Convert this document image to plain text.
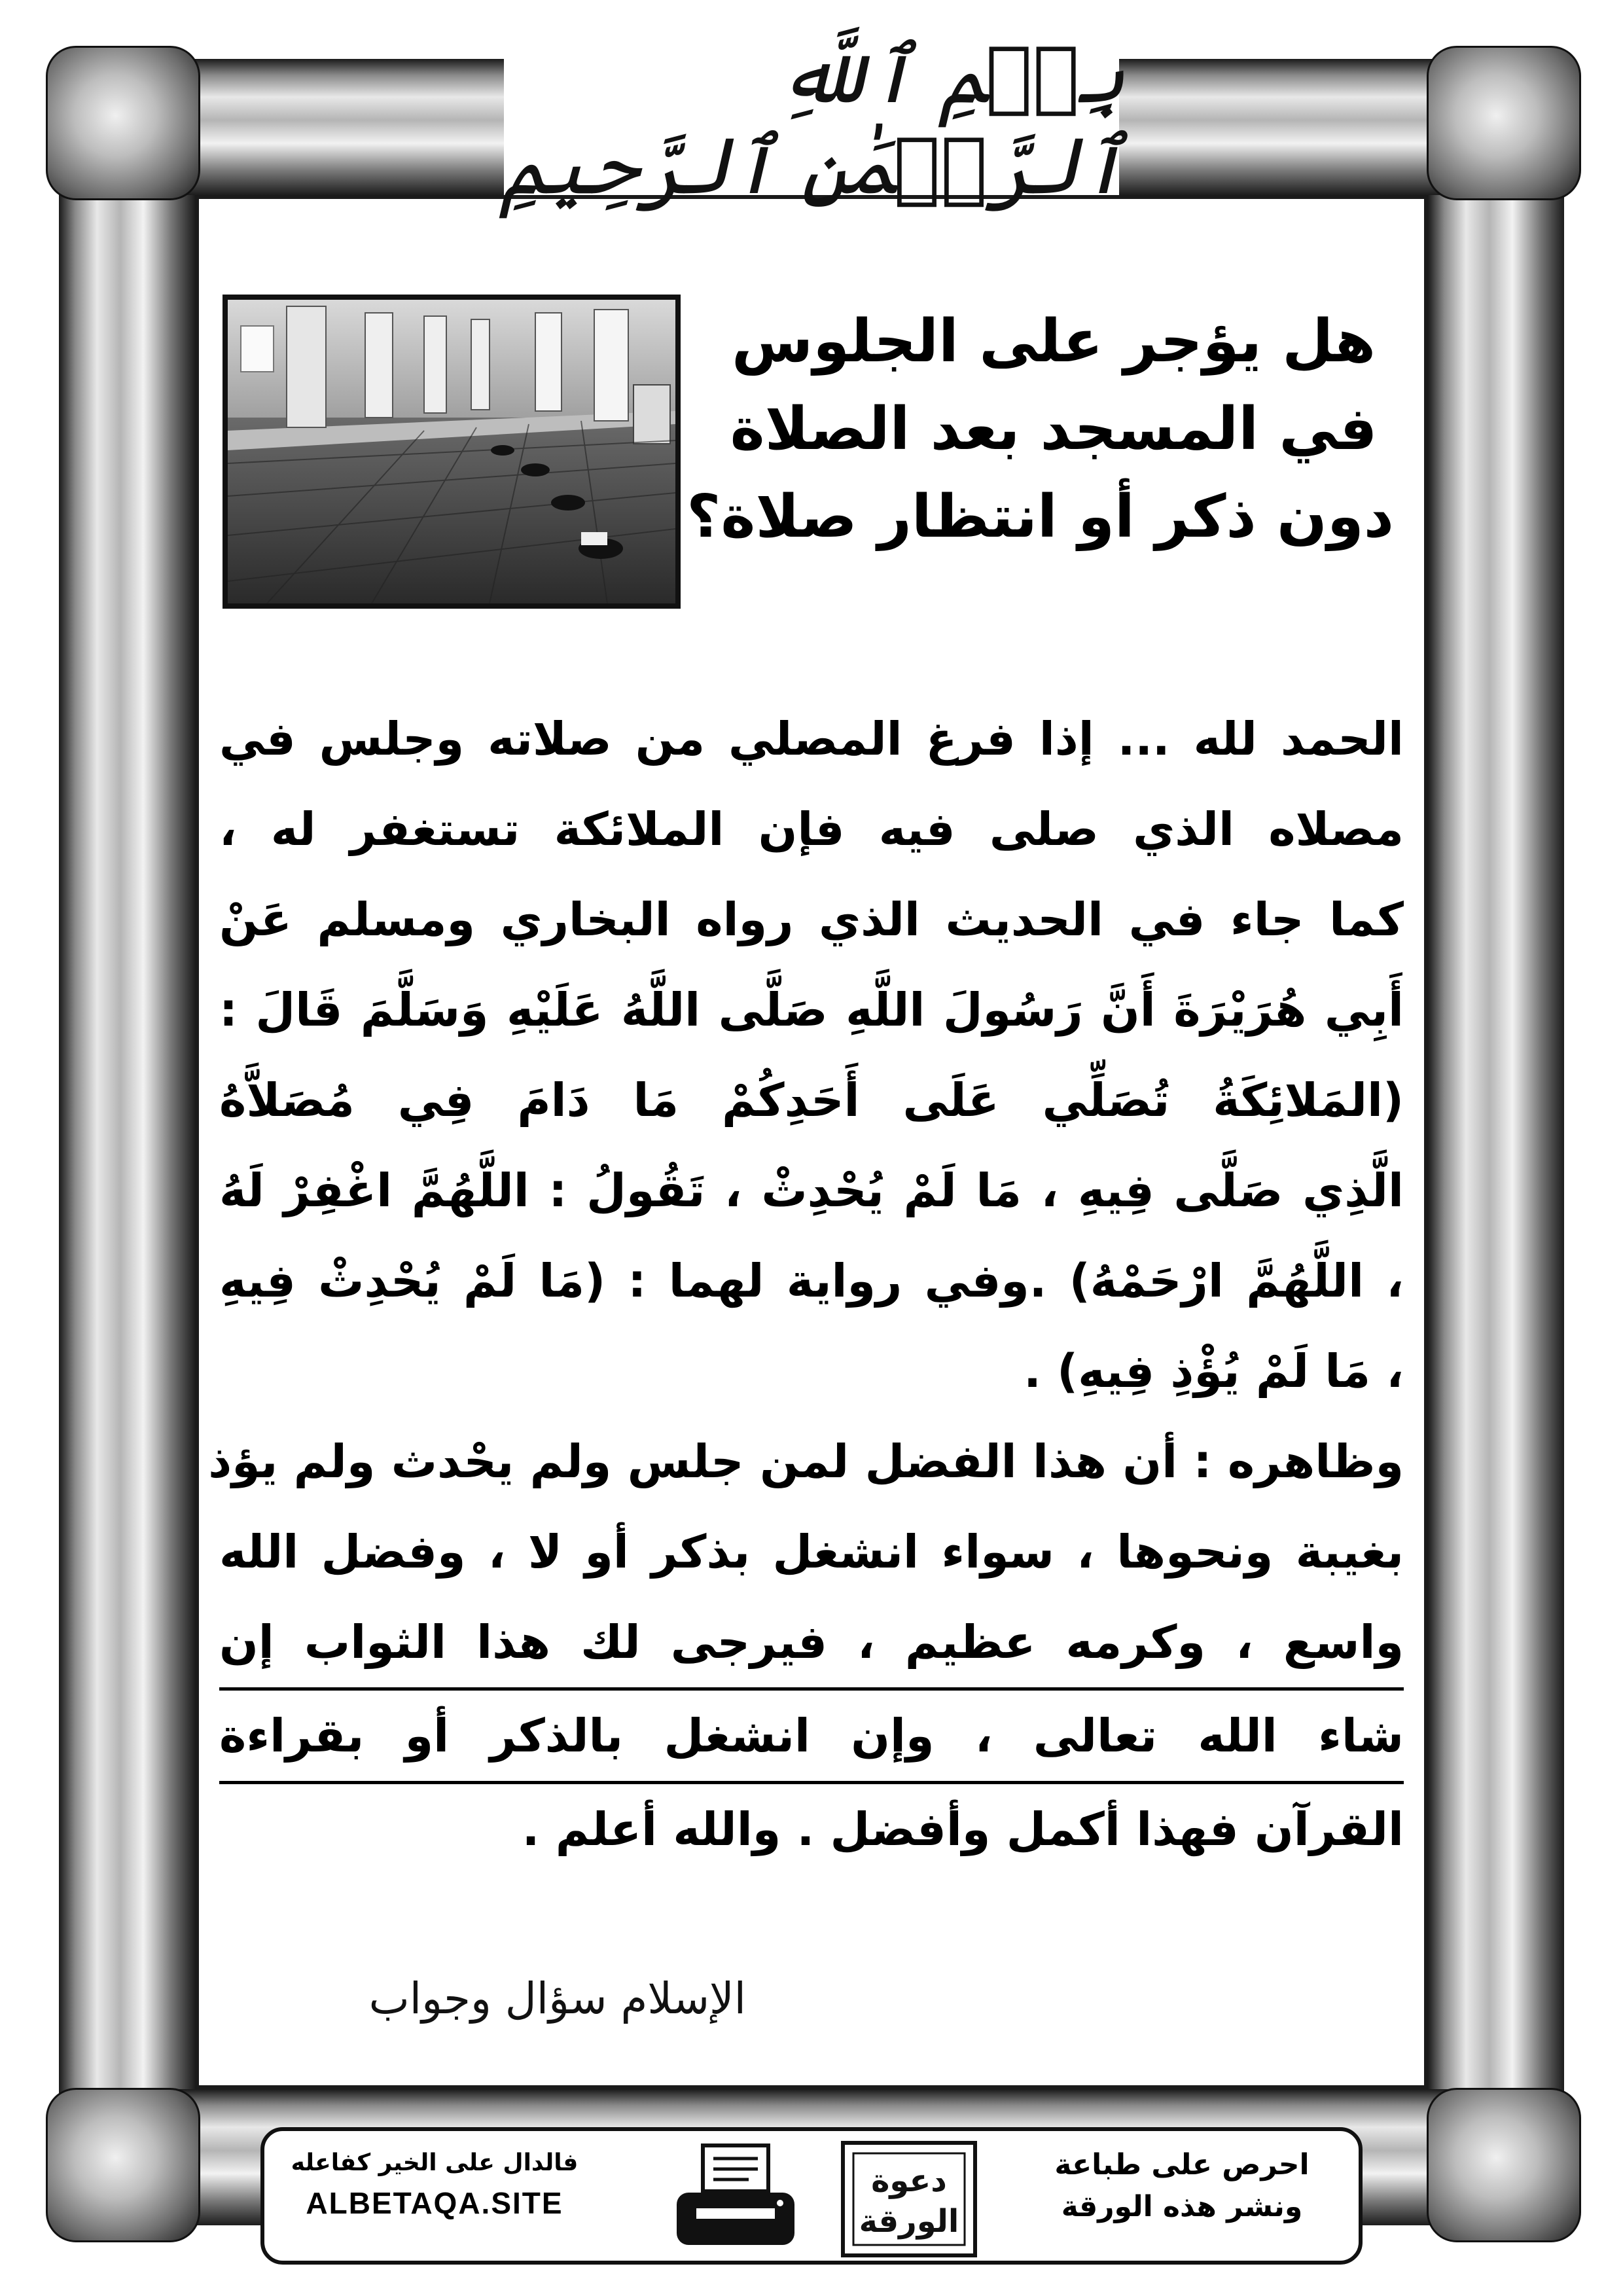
بِسۡمِ ٱللَّهِ ٱلرَّحۡمَٰنِ ٱلرَّحِيمِ
هل يؤجر على الجلوس
في المسجد بعد الصلاة
دون ذكر أو انتظار صلاة؟
الحمد لله ... إذا فرغ المصلي من صلاته وجلس في
مصلاه الذي صلى فيه فإن الملائكة تستغفر له ،
كما جاء في الحديث الذي رواه البخاري ومسلم عَنْ
أَبِي هُرَيْرَةَ أَنَّ رَسُولَ اللَّهِ صَلَّى اللَّهُ عَلَيْهِ وَسَلَّمَ قَالَ :
(المَلائِكَةُ تُصَلِّي عَلَى أَحَدِكُمْ مَا دَامَ فِي مُصَلاَّهُ
الَّذِي صَلَّى فِيهِ ، مَا لَمْ يُحْدِثْ ، تَقُولُ : اللَّهُمَّ اغْفِرْ لَهُ
، اللَّهُمَّ ارْحَمْهُ) .وفي رواية لهما : (مَا لَمْ يُحْدِثْ فِيهِ
، مَا لَمْ يُؤْذِ فِيهِ) .
وظاهره : أن هذا الفضل لمن جلس ولم يحْدث ولم يؤذ
بغيبة ونحوها ، سواء انشغل بذكر أو لا ، وفضل الله
واسع ، وكرمه عظيم ، فيرجى لك هذا الثواب إن
شاء الله تعالى ، وإن انشغل بالذكر أو بقراءة
القرآن فهذا أكمل وأفضل . والله أعلم .
الإسلام سؤال وجواب
فالدال على الخير كفاعله
ALBETAQA.SITE
دعوة
الورقة
احرص على طباعة
ونشر هذه الورقة
